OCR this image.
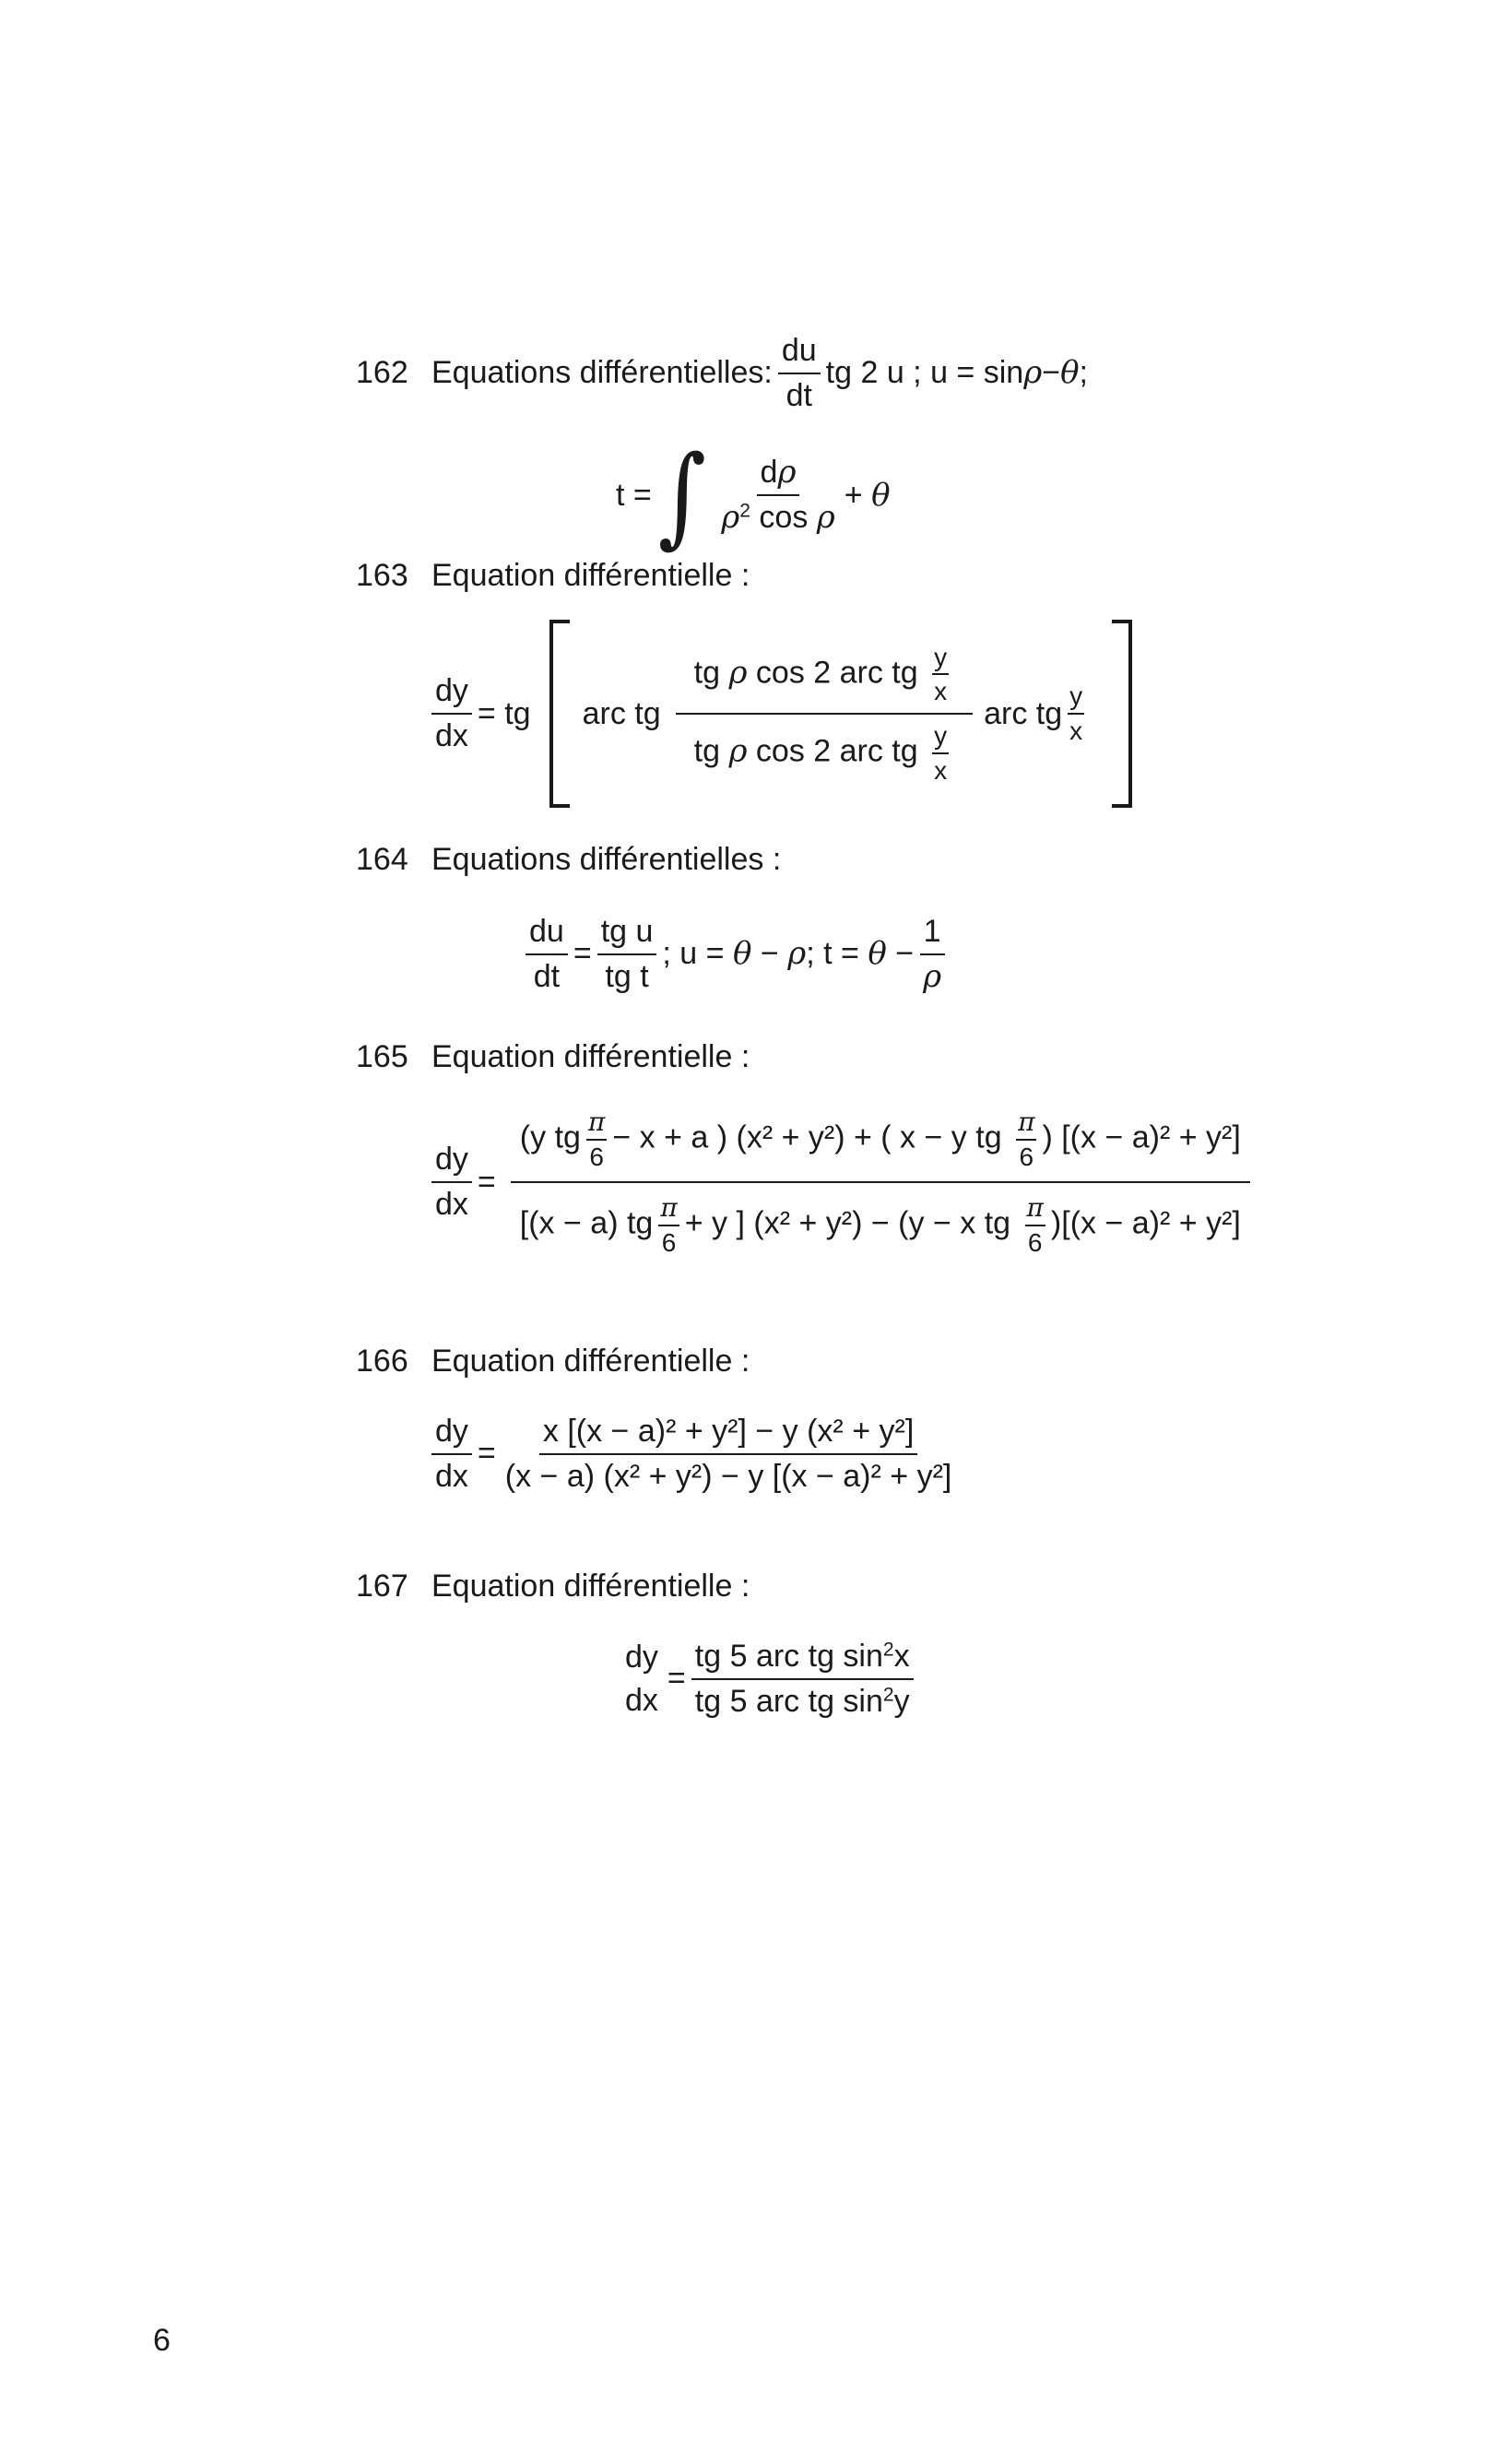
162 Equations différentielles : $\frac{du}{dt}$ tg 2 u ; u = sin ρ − θ ;
t = ∫ $\frac{d\rho}{\rho^2 \cos \rho}$ +
θ
163 Equation différentielle :
$\frac{dy}{dx}$ = tg arc tg $\frac{tg \rho \cos 2 arc tg \frac{y}{x}}{tg \rho \cos 2 arc tg \frac{y}{x}}$ arc tg $\frac{y}{x}$
164 Equations différentielles :
$\frac{du}{dt} = \frac{\text{tg u}}{\text{tg t}}$ ; u =
θ
−
ρ ; t =
θ
− $\frac{1}{\rho}$
165 Equation différentielle :
$\frac{dy}{dx}$ =
(y tg $\frac{\pi}{6} - x + a$ ) (x² + y²) + ( x − y tg $\frac{\pi}{6}$ ) [(x − a)² + y²]
[(x − a) tg $\frac{\pi}{6} + y$ ] (x² + y²) − (y − x tg $\frac{\pi}{6} )[(x - a)^2 + y^2]$
166 Equation différentielle :
$\frac{dy}{dx} = \frac{\text{x [(x − a)² + y²] − y (x² + y²]}}{\text{(x − a) (x² + y²) − y [(x − a)² + y²]}}$
167 Equation différentielle :
dy
dx
= $\frac{tg 5 arc tg \sin^2x}{tg 5 arc tg \sin^2y}$
6
